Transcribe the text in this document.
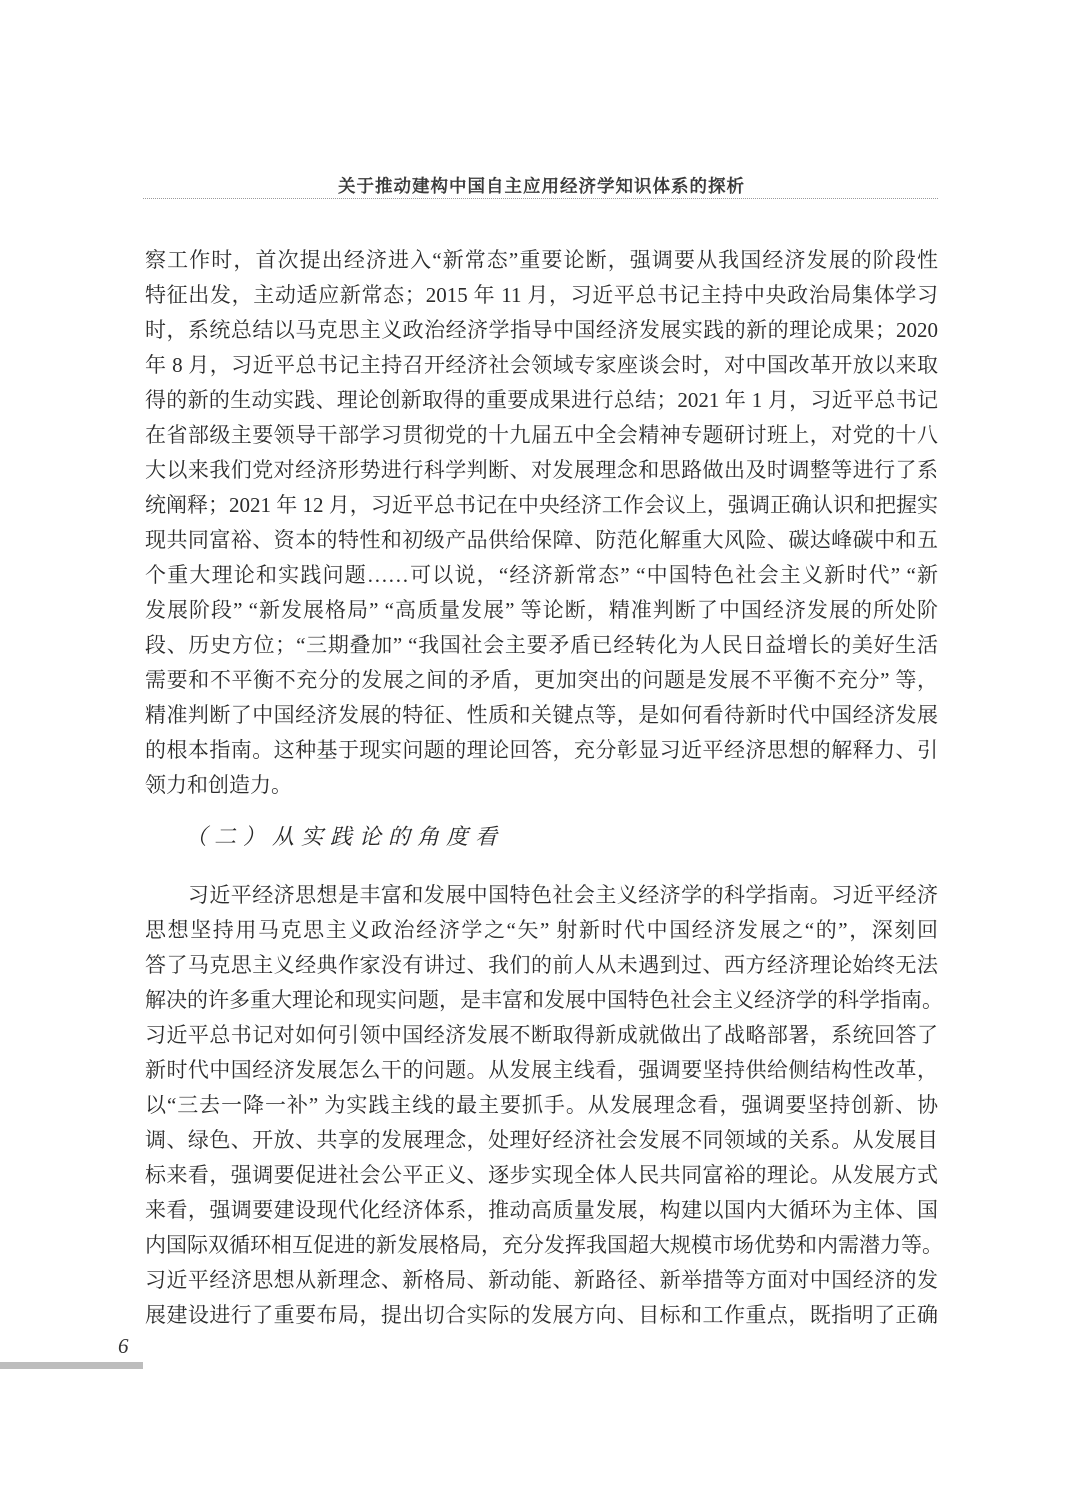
关于推动建构中国自主应用经济学知识体系的探析
察工作时，首次提出经济进入“新常态”重要论断，强调要从我国经济发展的阶段性
特征出发，主动适应新常态；2015 年 11 月，习近平总书记主持中央政治局集体学习
时，系统总结以马克思主义政治经济学指导中国经济发展实践的新的理论成果；2020
年 8 月，习近平总书记主持召开经济社会领域专家座谈会时，对中国改革开放以来取
得的新的生动实践、理论创新取得的重要成果进行总结；2021 年 1 月，习近平总书记
在省部级主要领导干部学习贯彻党的十九届五中全会精神专题研讨班上，对党的十八
大以来我们党对经济形势进行科学判断、对发展理念和思路做出及时调整等进行了系
统阐释；2021 年 12 月，习近平总书记在中央经济工作会议上，强调正确认识和把握实
现共同富裕、资本的特性和初级产品供给保障、防范化解重大风险、碳达峰碳中和五
个重大理论和实践问题……可以说，“经济新常态” “中国特色社会主义新时代” “新
发展阶段” “新发展格局” “高质量发展” 等论断，精准判断了中国经济发展的所处阶
段、历史方位；“三期叠加” “我国社会主要矛盾已经转化为人民日益增长的美好生活
需要和不平衡不充分的发展之间的矛盾，更加突出的问题是发展不平衡不充分” 等，
精准判断了中国经济发展的特征、性质和关键点等，是如何看待新时代中国经济发展
的根本指南。这种基于现实问题的理论回答，充分彰显习近平经济思想的解释力、引
领力和创造力。
（二）从实践论的角度看
　　习近平经济思想是丰富和发展中国特色社会主义经济学的科学指南。习近平经济
思想坚持用马克思主义政治经济学之“矢” 射新时代中国经济发展之“的”，深刻回
答了马克思主义经典作家没有讲过、我们的前人从未遇到过、西方经济理论始终无法
解决的许多重大理论和现实问题，是丰富和发展中国特色社会主义经济学的科学指南。
习近平总书记对如何引领中国经济发展不断取得新成就做出了战略部署，系统回答了
新时代中国经济发展怎么干的问题。从发展主线看，强调要坚持供给侧结构性改革，
以“三去一降一补” 为实践主线的最主要抓手。从发展理念看，强调要坚持创新、协
调、绿色、开放、共享的发展理念，处理好经济社会发展不同领域的关系。从发展目
标来看，强调要促进社会公平正义、逐步实现全体人民共同富裕的理论。从发展方式
来看，强调要建设现代化经济体系，推动高质量发展，构建以国内大循环为主体、国
内国际双循环相互促进的新发展格局，充分发挥我国超大规模市场优势和内需潜力等。
习近平经济思想从新理念、新格局、新动能、新路径、新举措等方面对中国经济的发
展建设进行了重要布局，提出切合实际的发展方向、目标和工作重点，既指明了正确
6
